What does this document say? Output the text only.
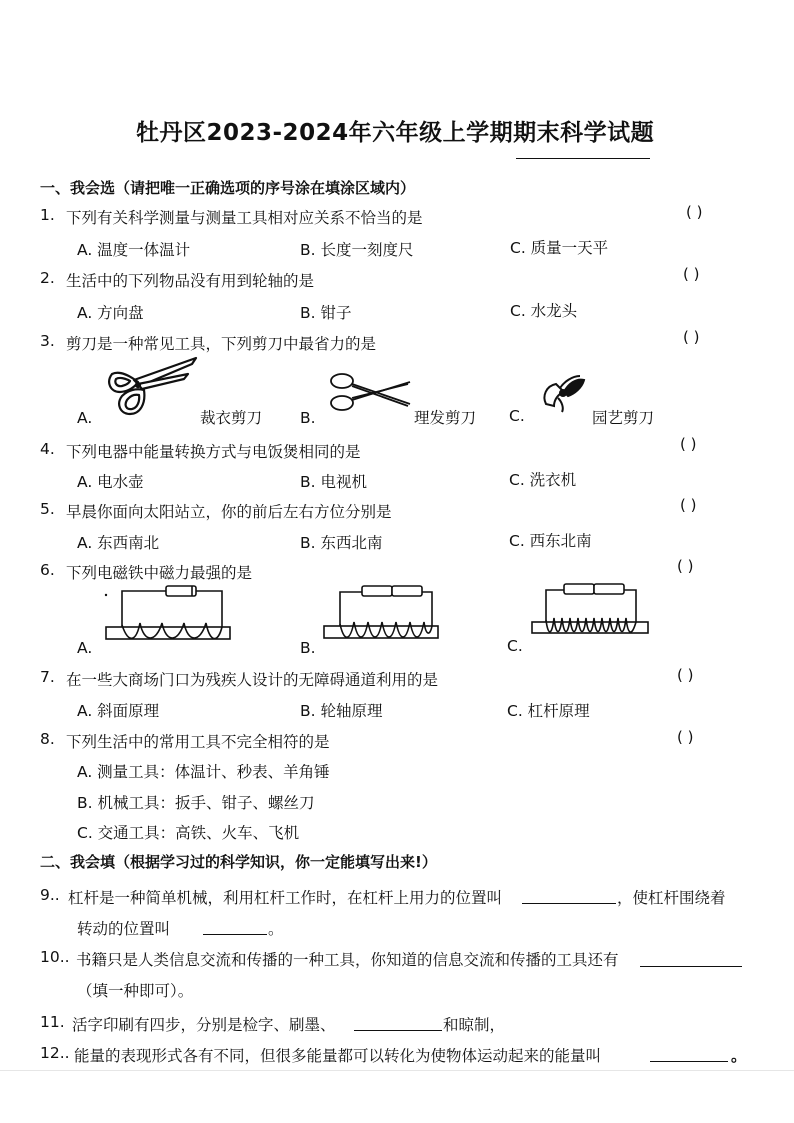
牡丹区2023-2024年六年级上学期期末科学试题
一、我会选（请把唯一正确选项的序号涂在填涂区域内）
1. 下列有关科学测量与测量工具相对应关系不恰当的是	( )
A. 温度一体温计	B. 长度一刻度尺	C. 质量一天平
2. 生活中的下列物品没有用到轮轴的是	( )
A. 方向盘	B. 钳子	C. 水龙头
3. 剪刀是一种常见工具，下列剪刀中最省力的是	( )
A.	裁衣剪刀 B.	理发剪刀 C.	园艺剪刀
4. 下列电器中能量转换方式与电饭煲相同的是	( )
A. 电水壶	B. 电视机	C. 洗衣机
5. 早晨你面向太阳站立，你的前后左右方位分别是	( )
A. 东西南北	B. 东西北南	C. 西东北南
6. 下列电磁铁中磁力最强的是	( )
A.	B.	C.
7. 在一些大商场门口为残疾人设计的无障碍通道利用的是	( )
A. 斜面原理	B. 轮轴原理	C. 杠杆原理
8. 下列生活中的常用工具不完全相符的是	( )
A. 测量工具：体温计、秒表、羊角锤
B. 机械工具：扳手、钳子、螺丝刀
C. 交通工具：高铁、火车、飞机
二、我会填（根据学习过的科学知识，你一定能填写出来!）
9.. 杠杆是一种简单机械，利用杠杆工作时，在杠杆上用力的位置叫	，使杠杆围绕着
转动的位置叫	。
10.. 书籍只是人类信息交流和传播的一种工具，你知道的信息交流和传播的工具还有
（填一种即可）。
11. 活字印刷有四步，分别是检字、刷墨、	和晾制，
12.. 能量的表现形式各有不同，但很多能量都可以转化为使物体运动起来的能量叫	。
